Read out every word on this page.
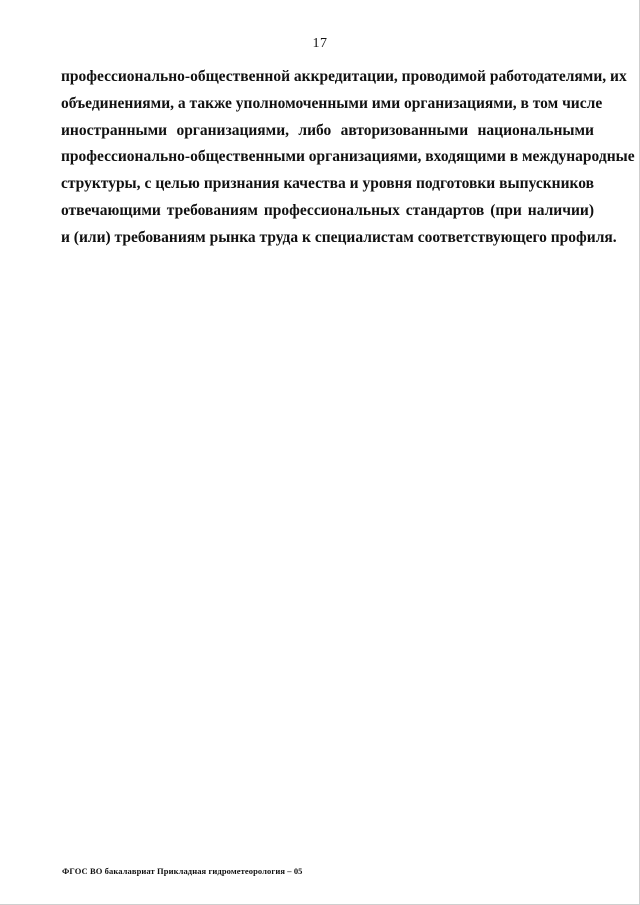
17

профессионально-общественной аккредитации, проводимой работодателями, их
объединениями, а также уполномоченными ими организациями, в том числе
иностранными организациями, либо авторизованными национальными
профессионально-общественными организациями, входящими в международные
структуры, с целью признания качества и уровня подготовки выпускников
отвечающими требованиям профессиональных стандартов (при наличии)
и (или) требованиям рынка труда к специалистам соответствующего профиля.

ФГОС ВО бакалавриат Прикладная гидрометеорология – 05
